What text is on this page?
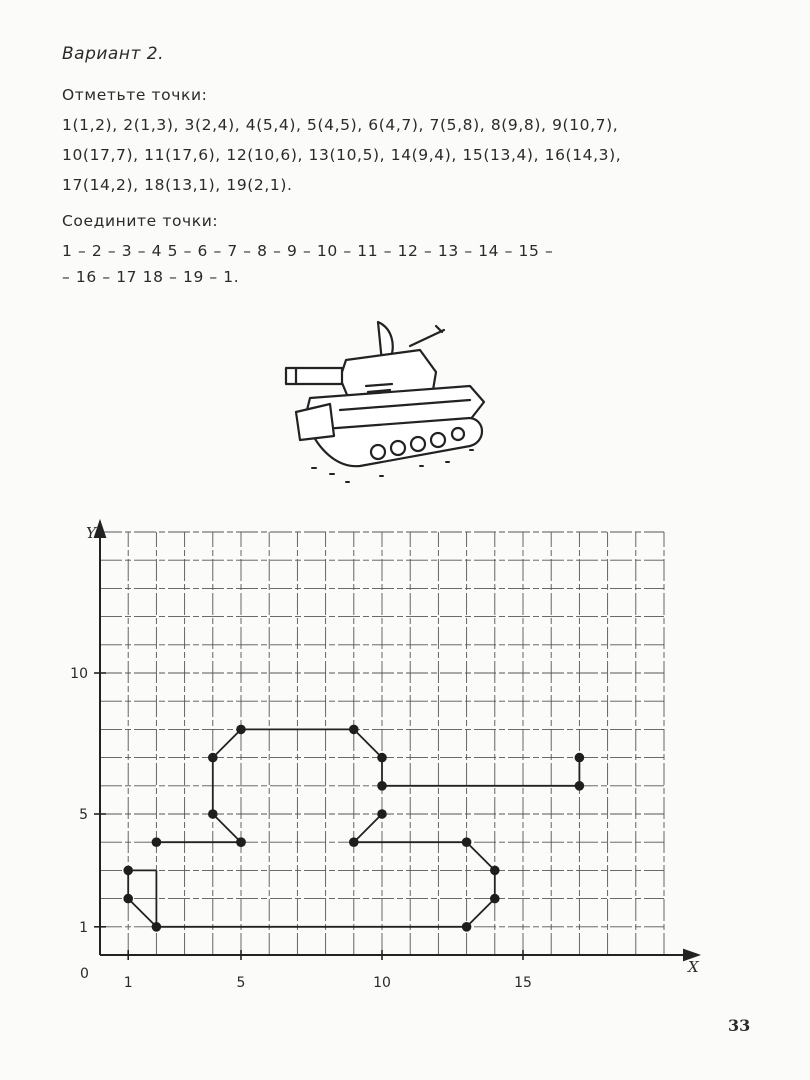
Вариант 2.
Отметьте точки:
1(1,2), 2(1,3), 3(2,4), 4(5,4), 5(4,5), 6(4,7), 7(5,8), 8(9,8), 9(10,7),
10(17,7), 11(17,6), 12(10,6), 13(10,5), 14(9,4), 15(13,4), 16(14,3),
17(14,2), 18(13,1), 19(2,1).
Соедините точки:
1 – 2 – 3 – 4 5 – 6 – 7 – 8 – 9 – 10 – 11 – 12 – 13 – 14 – 15 –
– 16 – 17 18 – 19 – 1.
1	5	10	15
1
5
10
Y
X
0
33
